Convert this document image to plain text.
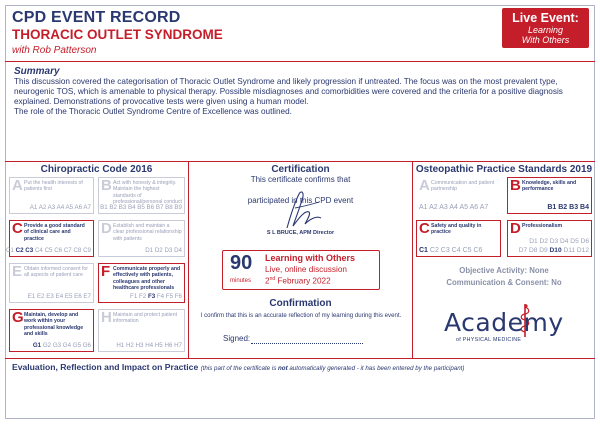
CPD EVENT RECORD
THORACIC OUTLET SYNDROME
with Rob Patterson
Live Event:
Learning
With Others
Summary
This discussion covered the categorisation of Thoracic Outlet Syndrome and likely progression if untreated. The focus was on the most prevalent type, neurogenic TOS, which is amenable to physical therapy. Possible misdiagnoses and comorbidities were covered and the criteria for a positive diagnosis explained. Demonstrations of provocative tests were given using a human model.
The role of the Thoracic Outlet Syndrome Centre of Excellence was outlined.
Chiropractic Code 2016
A Put the health interests of patients first
A1 A2 A3 A4 A5 A6 A7
B Act with honesty & integrity. Maintain the highest standards of professional/personal conduct
B1 B2 B3 B4 B5 B6 B7 B8 B9
C Provide a good standard of clinical care and practice
C1 C2 C3 C4 C5 C6 C7 C8 C9
D Establish and maintain a clear professional relationship with patients
D1 D2 D3 D4
E Obtain informed consent for all aspects of patient care
E1 E2 E3 E4 E5 E6 E7
F Communicate properly and effectively with patients, colleagues and other healthcare professionals
F1 F2 F3 F4 F5 F6
G Maintain, develop and work within your professional knowledge and skills
G1 G2 G3 G4 G5 G6
H Maintain and protect patient information
H1 H2 H3 H4 H5 H6 H7
Certification
This certificate confirms that
participated in this CPD event
S L BRUCE, APM Director
90
minutes
Learning with Others
Live, online discussion
2nd February 2022
Confirmation
I confirm that this is an accurate reflection of my learning during this event.
Signed:
Osteopathic Practice Standards 2019
A Communication and patient partnership
A1 A2 A3 A4 A5 A6 A7
B Knowledge, skills and performance
B1 B2 B3 B4
C Safety and quality in practice
C1 C2 C3 C4 C5 C6
D Professionalism
D1 D2 D3 D4 D5 D6
D7 D8 D9 D10 D11 D12
Objective Activity: None
Communication & Consent: No
Academy
of PHYSICAL MEDICINE
Evaluation, Reflection and Impact on Practice (this part of the certificate is not automatically generated - it has been entered by the participant)
